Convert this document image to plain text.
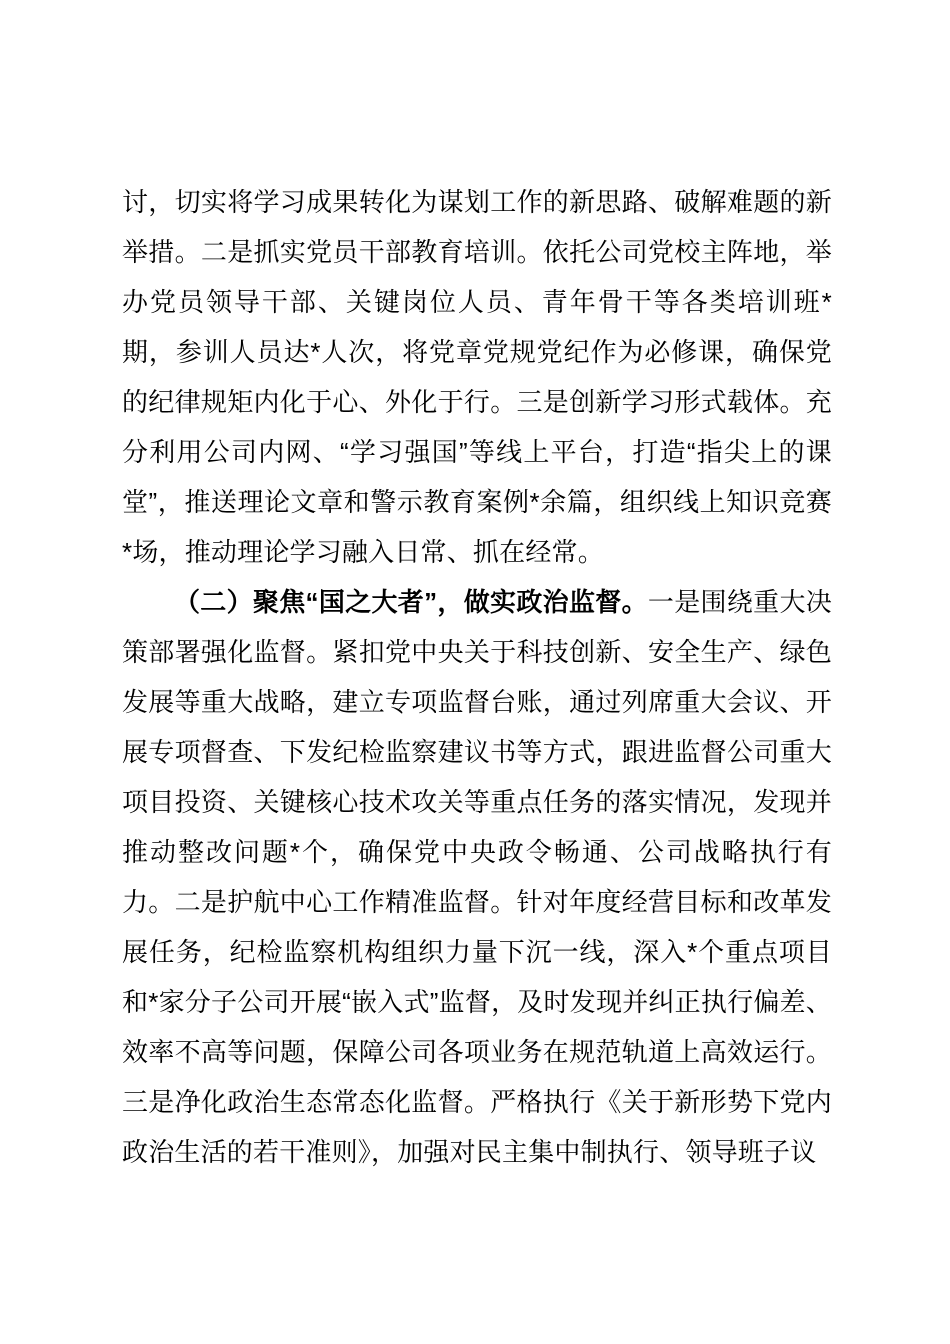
讨，切实将学习成果转化为谋划工作的新思路、破解难题的新举措。二是抓实党员干部教育培训。依托公司党校主阵地，举办党员领导干部、关键岗位人员、青年骨干等各类培训班*期，参训人员达*人次，将党章党规党纪作为必修课，确保党的纪律规矩内化于心、外化于行。三是创新学习形式载体。充分利用公司内网、“学习强国”等线上平台，打造“指尖上的课堂”，推送理论文章和警示教育案例*余篇，组织线上知识竞赛*场，推动理论学习融入日常、抓在经常。

（二）聚焦“国之大者”，做实政治监督。一是围绕重大决策部署强化监督。紧扣党中央关于科技创新、安全生产、绿色发展等重大战略，建立专项监督台账，通过列席重大会议、开展专项督查、下发纪检监察建议书等方式，跟进监督公司重大项目投资、关键核心技术攻关等重点任务的落实情况，发现并推动整改问题*个，确保党中央政令畅通、公司战略执行有力。二是护航中心工作精准监督。针对年度经营目标和改革发展任务，纪检监察机构组织力量下沉一线，深入*个重点项目和*家分子公司开展“嵌入式”监督，及时发现并纠正执行偏差、效率不高等问题，保障公司各项业务在规范轨道上高效运行。三是净化政治生态常态化监督。严格执行《关于新形势下党内政治生活的若干准则》，加强对民主集中制执行、领导班子议
